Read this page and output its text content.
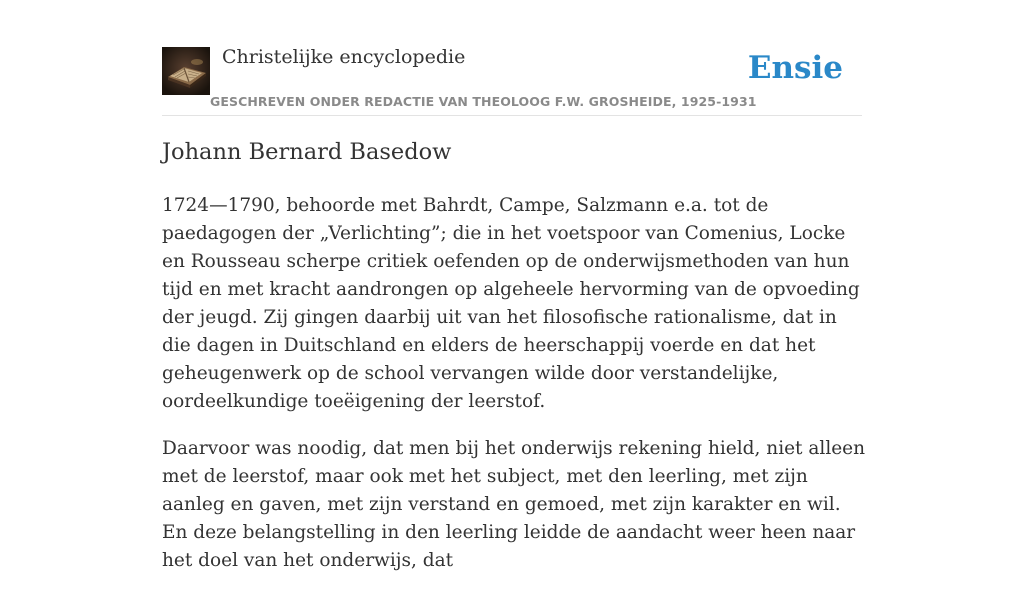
Christelijke encyclopedie
GESCHREVEN ONDER REDACTIE VAN THEOLOOG F.W. GROSHEIDE, 1925-1931
Ensie
Johann Bernard Basedow

1724—1790, behoorde met Bahrdt, Campe, Salzmann e.a. tot de paedagogen der „Verlichting”; die in het voetspoor van Comenius, Locke en Rousseau scherpe critiek oefenden op de onderwijsmethoden van hun tijd en met kracht aandrongen op algeheele hervorming van de opvoeding der jeugd. Zij gingen daarbij uit van het filosofische rationalisme, dat in die dagen in Duitschland en elders de heerschappij voerde en dat het geheugenwerk op de school vervangen wilde door verstandelijke, oordeelkundige toeëigening der leerstof.

Daarvoor was noodig, dat men bij het onderwijs rekening hield, niet alleen met de leerstof, maar ook met het subject, met den leerling, met zijn aanleg en gaven, met zijn verstand en gemoed, met zijn karakter en wil. En deze belangstelling in den leerling leidde de aandacht weer heen naar het doel van het onderwijs, dat
